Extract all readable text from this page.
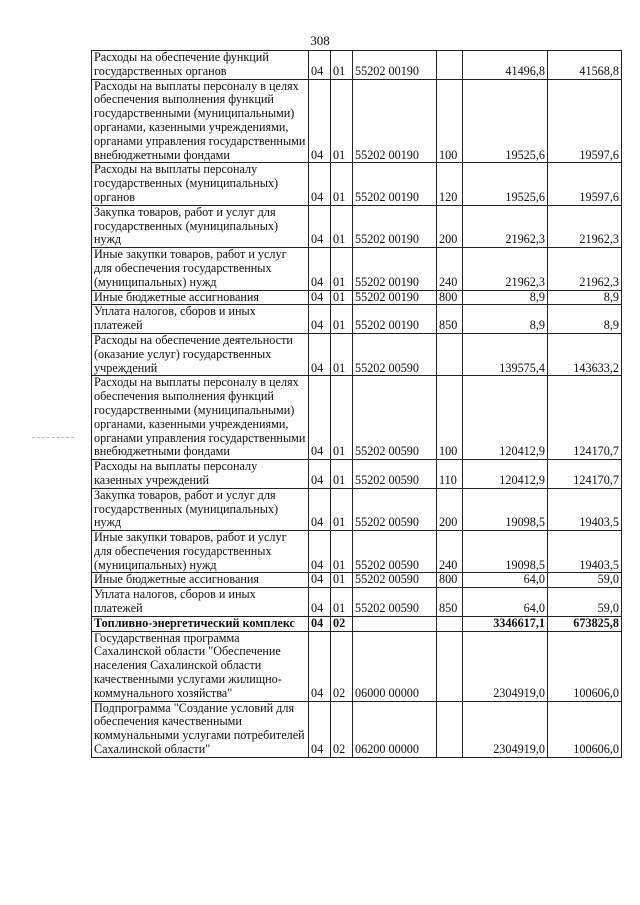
308
Расходы на обеспечение функций государственных органов	04	01	55202 00190		41496,8	41568,8
Расходы на выплаты персоналу в целях обеспечения выполнения функций государственными (муниципальными) органами, казенными учреждениями, органами управления государственными внебюджетными фондами	04	01	55202 00190	100	19525,6	19597,6
Расходы на выплаты персоналу государственных (муниципальных) органов	04	01	55202 00190	120	19525,6	19597,6
Закупка товаров, работ и услуг для государственных (муниципальных) нужд	04	01	55202 00190	200	21962,3	21962,3
Иные закупки товаров, работ и услуг для обеспечения государственных (муниципальных) нужд	04	01	55202 00190	240	21962,3	21962,3
Иные бюджетные ассигнования	04	01	55202 00190	800	8,9	8,9
Уплата налогов, сборов и иных платежей	04	01	55202 00190	850	8,9	8,9
Расходы на обеспечение деятельности (оказание услуг) государственных учреждений	04	01	55202 00590		139575,4	143633,2
Расходы на выплаты персоналу в целях обеспечения выполнения функций государственными (муниципальными) органами, казенными учреждениями, органами управления государственными внебюджетными фондами	04	01	55202 00590	100	120412,9	124170,7
Расходы на выплаты персоналу казенных учреждений	04	01	55202 00590	110	120412,9	124170,7
Закупка товаров, работ и услуг для государственных (муниципальных) нужд	04	01	55202 00590	200	19098,5	19403,5
Иные закупки товаров, работ и услуг для обеспечения государственных (муниципальных) нужд	04	01	55202 00590	240	19098,5	19403,5
Иные бюджетные ассигнования	04	01	55202 00590	800	64,0	59,0
Уплата налогов, сборов и иных платежей	04	01	55202 00590	850	64,0	59,0
Топливно-энергетический комплекс	04	02			3346617,1	673825,8
Государственная программа Сахалинской области "Обеспечение населения Сахалинской области качественными услугами жилищно-коммунального хозяйства"	04	02	06000 00000		2304919,0	100606,0
Подпрограмма "Создание условий для обеспечения качественными коммунальными услугами потребителей Сахалинской области"	04	02	06200 00000		2304919,0	100606,0
